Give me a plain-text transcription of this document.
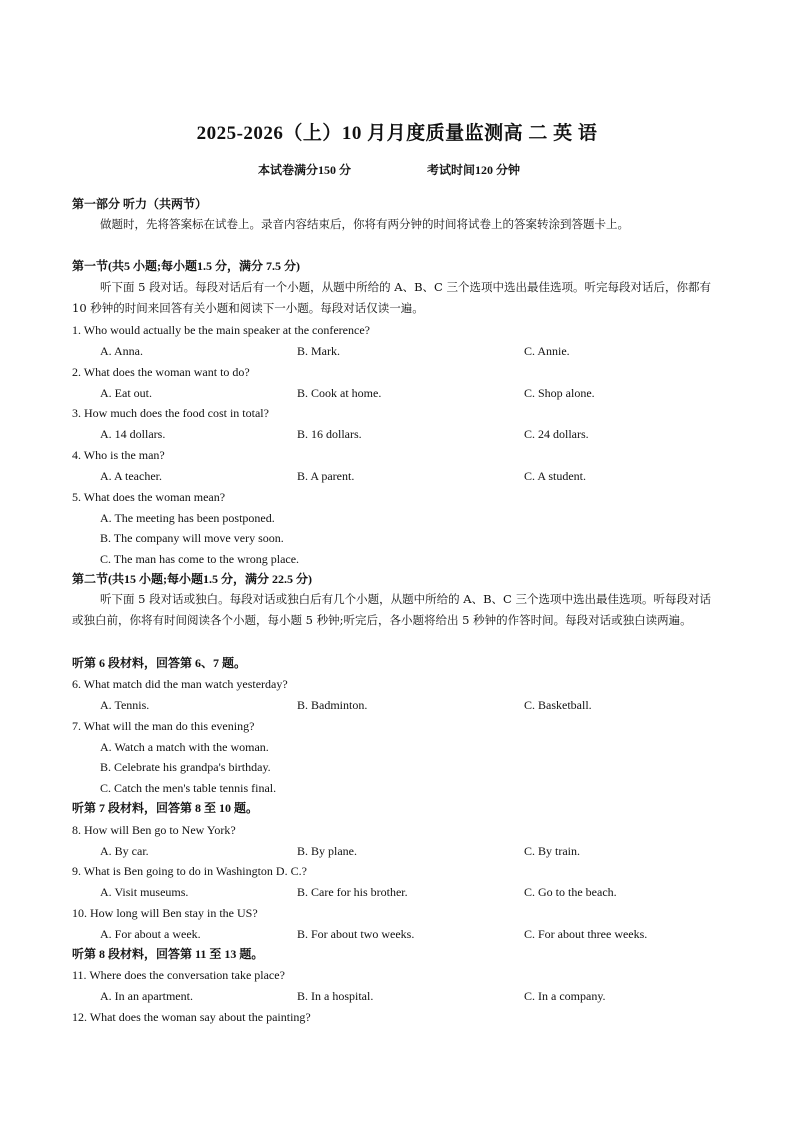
2025-2026（上）10 月月度质量监测高 二 英 语
本试卷满分150 分	考试时间120 分钟
第一部分 听力（共两节）
做题时，先将答案标在试卷上。录音内容结束后，你将有两分钟的时间将试卷上的答案转涂到答题卡上。
第一节(共5 小题;每小题1.5 分，满分 7.5 分)
听下面 5 段对话。每段对话后有一个小题，从题中所给的 A、B、C 三个选项中选出最佳选项。听完每段对话后，你都有 10 秒钟的时间来回答有关小题和阅读下一小题。每段对话仅读一遍。
1. Who would actually be the main speaker at the conference?
A. Anna.	B. Mark.	C. Annie.
2. What does the woman want to do?
A. Eat out.	B. Cook at home.	C. Shop alone.
3. How much does the food cost in total?
A. 14 dollars.	B. 16 dollars.	C. 24 dollars.
4. Who is the man?
A. A teacher.	B. A parent.	C. A student.
5. What does the woman mean?
A. The meeting has been postponed.
B. The company will move very soon.
C. The man has come to the wrong place.
第二节(共15 小题;每小题1.5 分，满分 22.5 分)
听下面 5 段对话或独白。每段对话或独白后有几个小题，从题中所给的 A、B、C 三个选项中选出最佳选项。听每段对话或独白前，你将有时间阅读各个小题，每小题 5 秒钟;听完后，各小题将给出 5 秒钟的作答时间。每段对话或独白读两遍。
听第 6 段材料，回答第 6、7 题。
6. What match did the man watch yesterday?
A. Tennis.	B. Badminton.	C. Basketball.
7. What will the man do this evening?
A. Watch a match with the woman.
B. Celebrate his grandpa's birthday.
C. Catch the men's table tennis final.
听第 7 段材料，回答第 8 至 10 题。
8. How will Ben go to New York?
A. By car.	B. By plane.	C. By train.
9. What is Ben going to do in Washington D. C.?
A. Visit museums.	B. Care for his brother.	C. Go to the beach.
10. How long will Ben stay in the US?
A. For about a week.	B. For about two weeks.	C. For about three weeks.
听第 8 段材料，回答第 11 至 13 题。
11. Where does the conversation take place?
A. In an apartment.	B. In a hospital.	C. In a company.
12. What does the woman say about the painting?
